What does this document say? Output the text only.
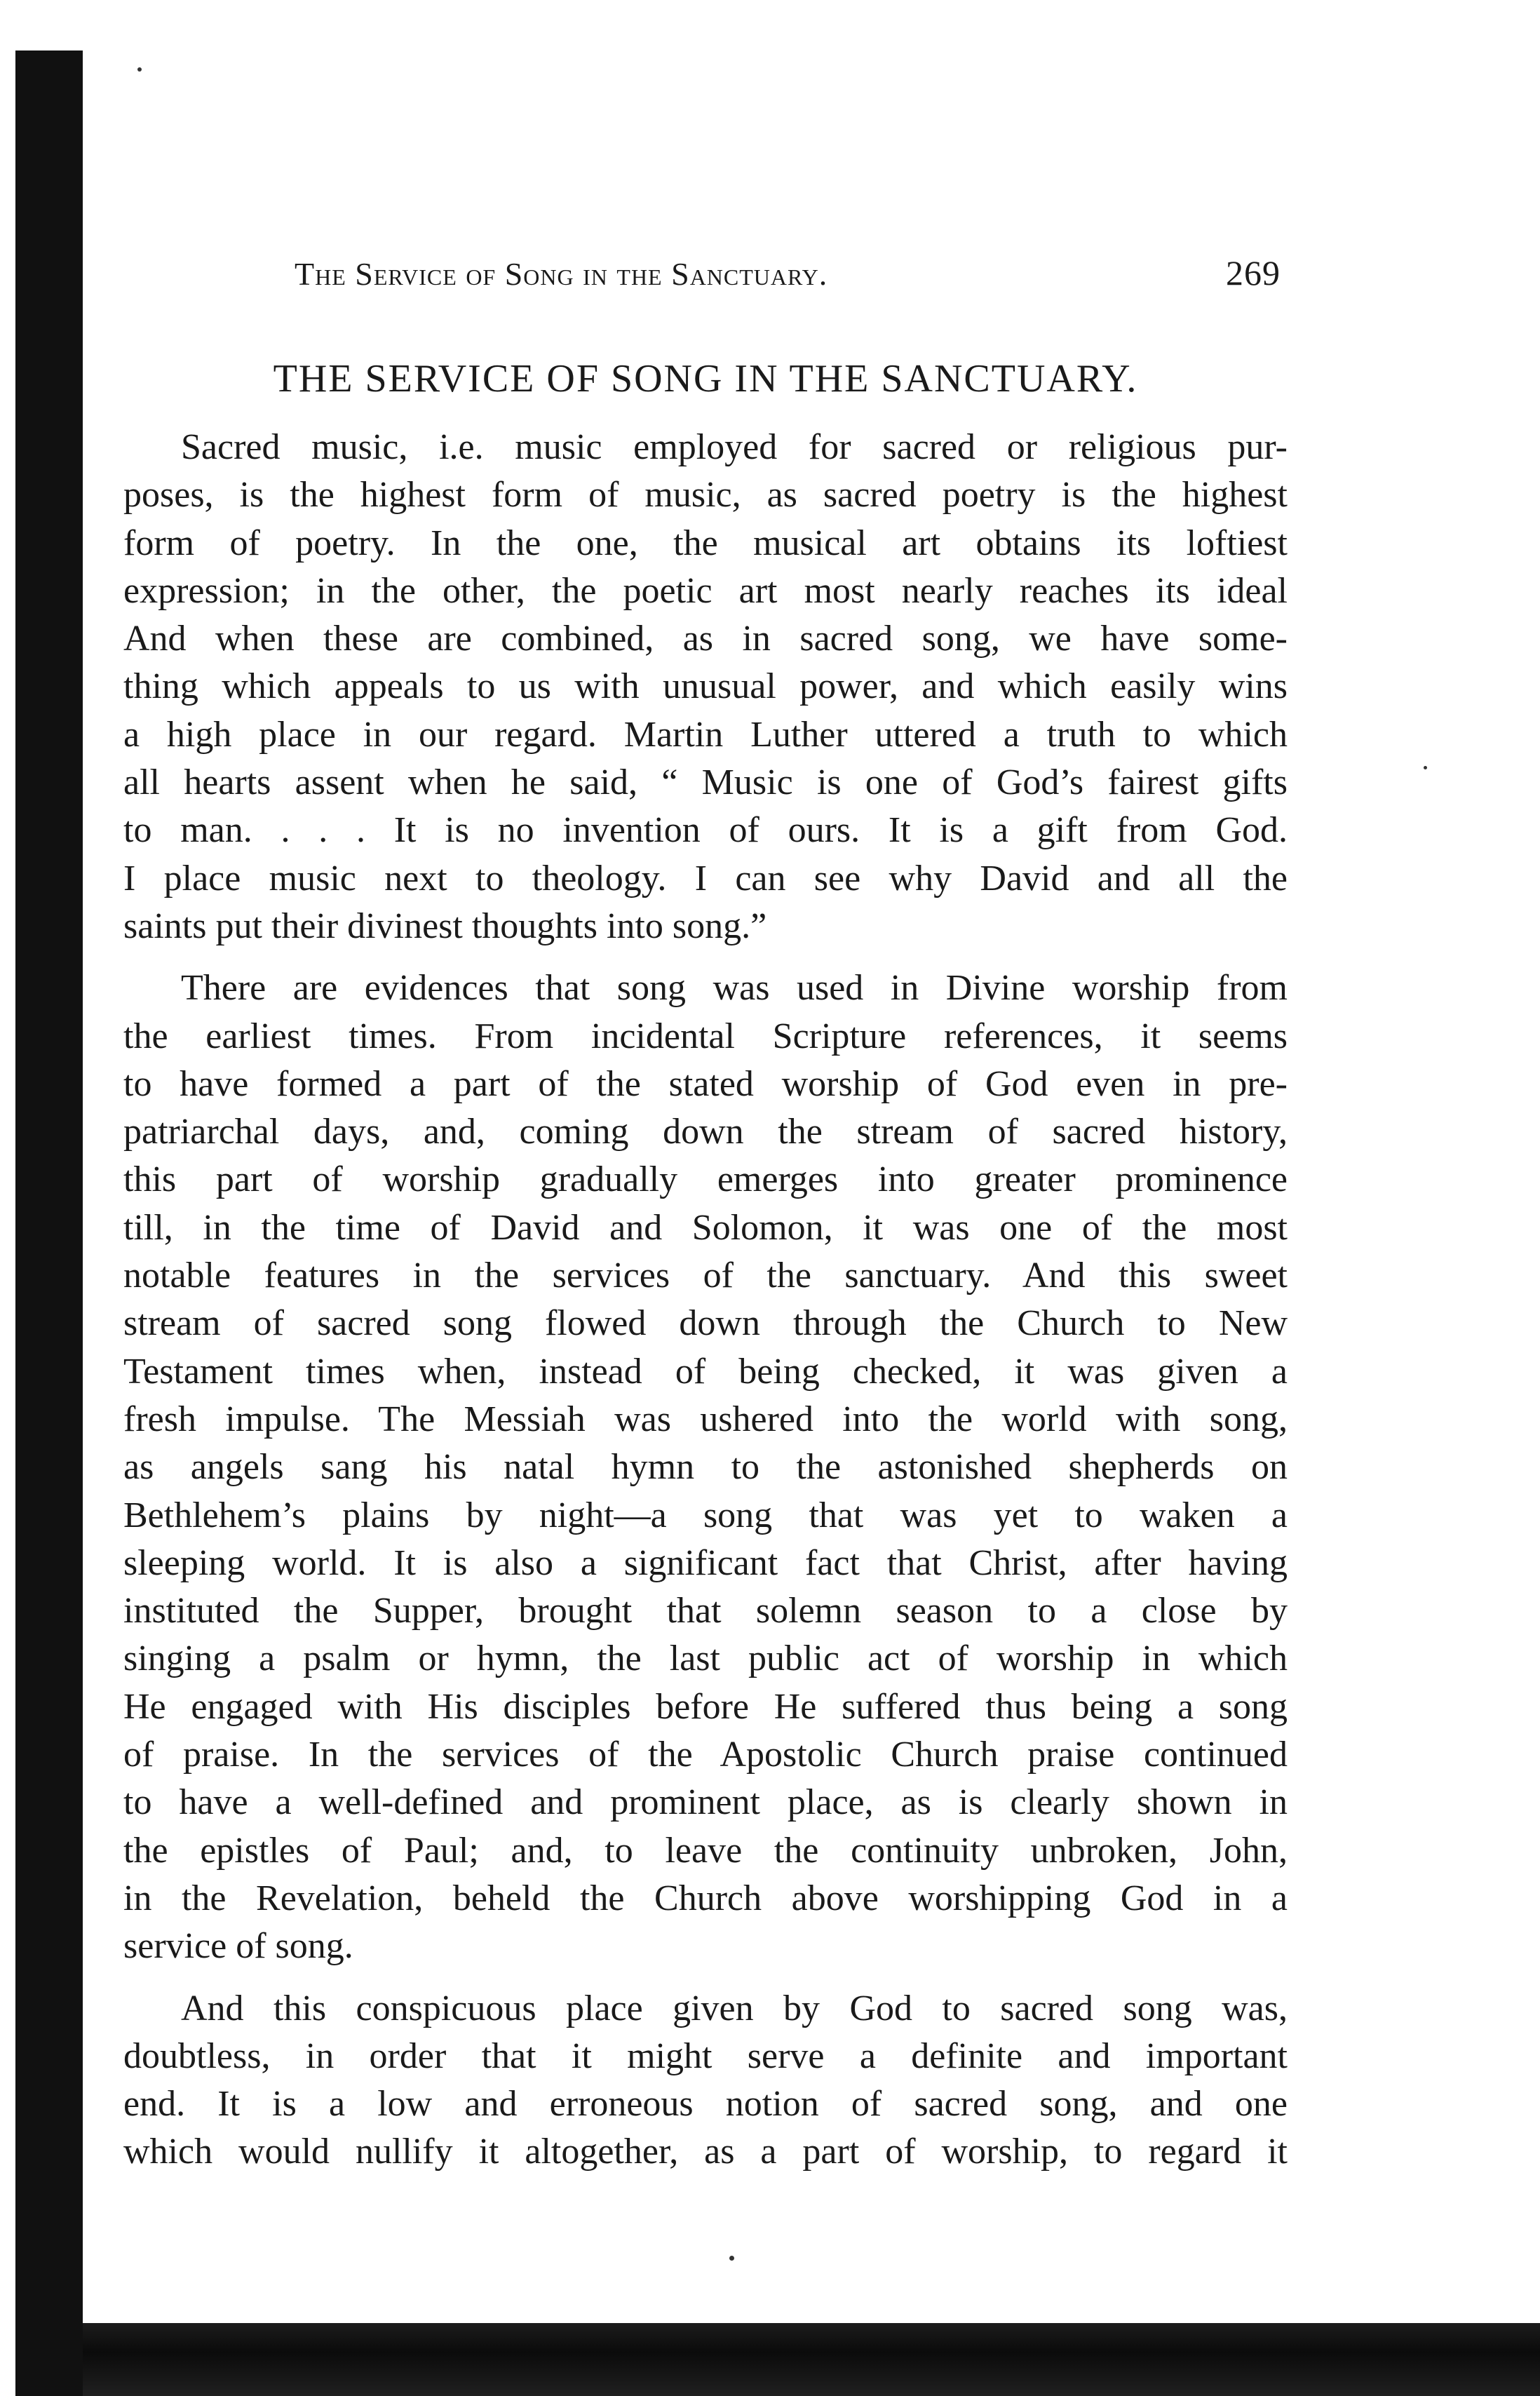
The Service of Song in the Sanctuary.	269
THE SERVICE OF SONG IN THE SANCTUARY.

Sacred music, i.e. music employed for sacred or religious pur-
poses, is the highest form of music, as sacred poetry is the highest
form of poetry. In the one, the musical art obtains its loftiest
expression; in the other, the poetic art most nearly reaches its ideal
And when these are combined, as in sacred song, we have some-
thing which appeals to us with unusual power, and which easily wins
a high place in our regard. Martin Luther uttered a truth to which
all hearts assent when he said, “ Music is one of God’s fairest gifts
to man. . . . It is no invention of ours. It is a gift from God.
I place music next to theology. I can see why David and all the
saints put their divinest thoughts into song.”

There are evidences that song was used in Divine worship from
the earliest times. From incidental Scripture references, it seems
to have formed a part of the stated worship of God even in pre-
patriarchal days, and, coming down the stream of sacred history,
this part of worship gradually emerges into greater prominence
till, in the time of David and Solomon, it was one of the most
notable features in the services of the sanctuary. And this sweet
stream of sacred song flowed down through the Church to New
Testament times when, instead of being checked, it was given a
fresh impulse. The Messiah was ushered into the world with song,
as angels sang his natal hymn to the astonished shepherds on
Bethlehem’s plains by night—a song that was yet to waken a
sleeping world. It is also a significant fact that Christ, after having
instituted the Supper, brought that solemn season to a close by
singing a psalm or hymn, the last public act of worship in which
He engaged with His disciples before He suffered thus being a song
of praise. In the services of the Apostolic Church praise continued
to have a well-defined and prominent place, as is clearly shown in
the epistles of Paul; and, to leave the continuity unbroken, John,
in the Revelation, beheld the Church above worshipping God in a
service of song.

And this conspicuous place given by God to sacred song was,
doubtless, in order that it might serve a definite and important
end. It is a low and erroneous notion of sacred song, and one
which would nullify it altogether, as a part of worship, to regard it
